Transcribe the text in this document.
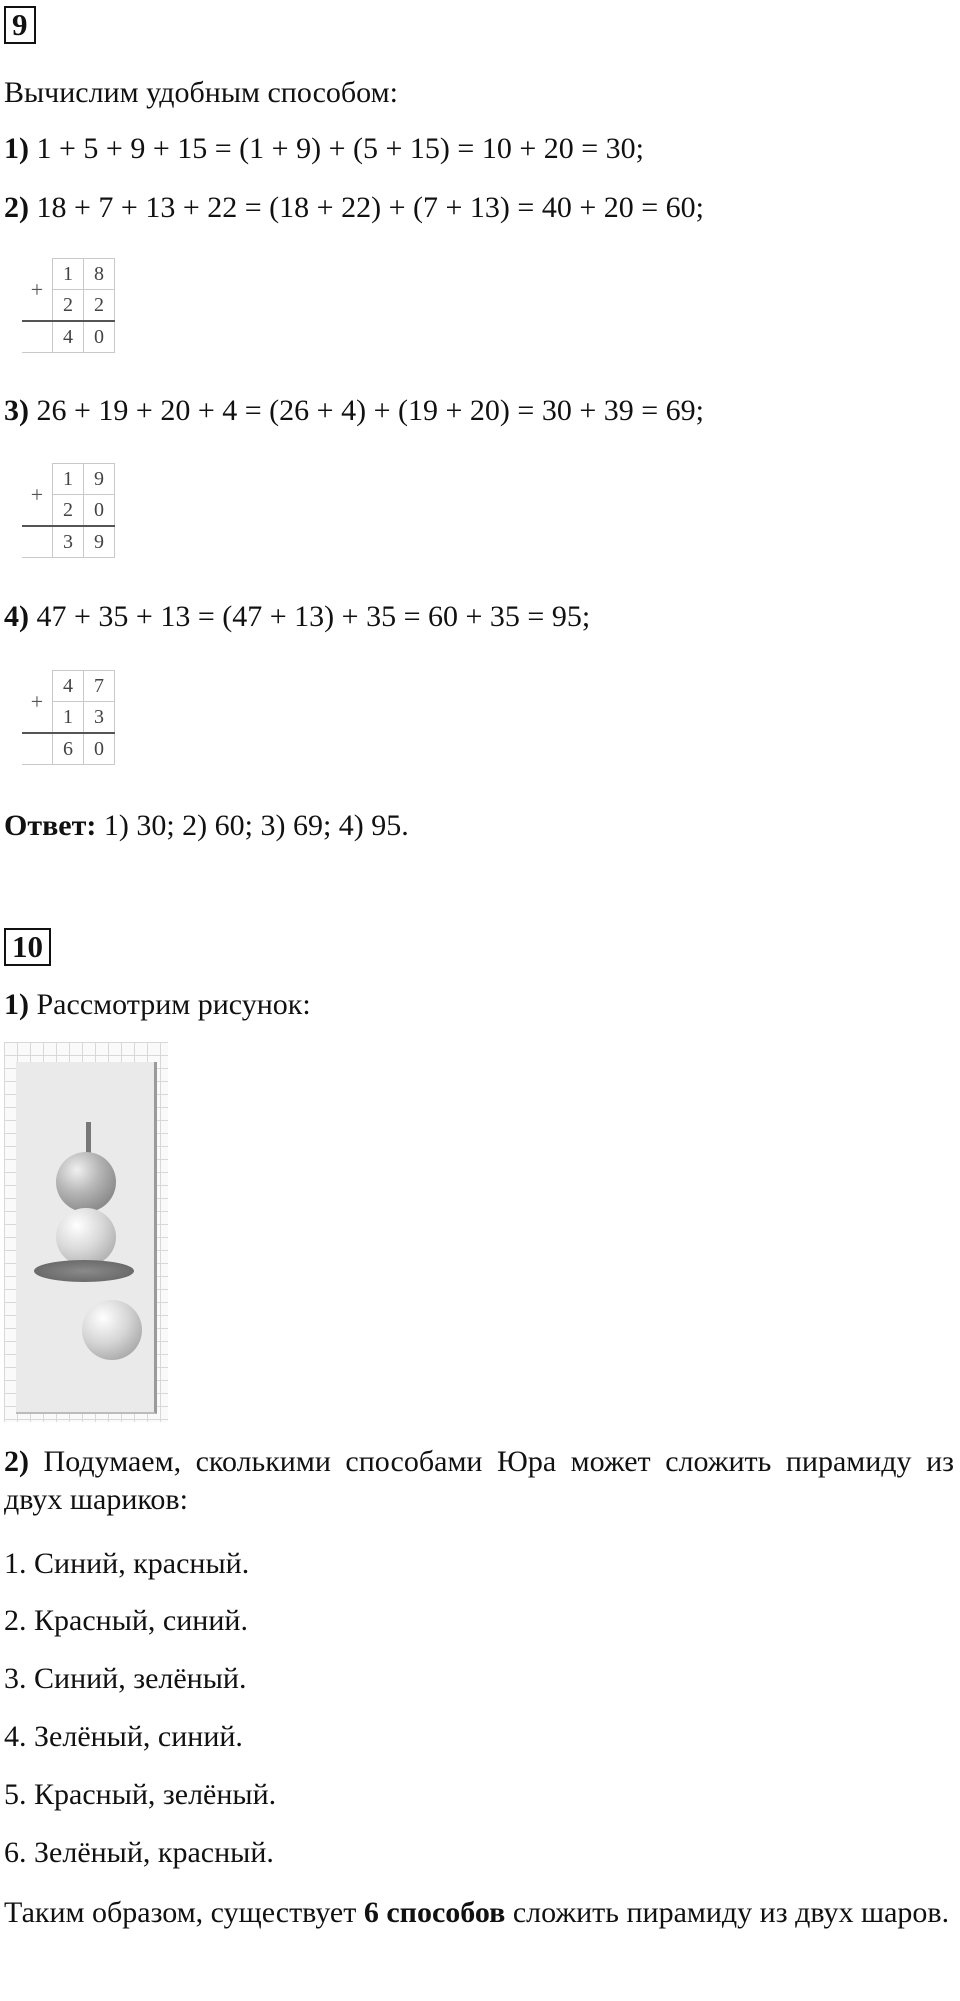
9

Вычислим удобным способом:

1) 1 + 5 + 9 + 15 = (1 + 9) + (5 + 15) = 10 + 20 = 30;

2) 18 + 7 + 13 + 22 = (18 + 22) + (7 + 13) = 40 + 20 = 60;

+	1	8
	2	2
	4	0

3) 26 + 19 + 20 + 4 = (26 + 4) + (19 + 20) = 30 + 39 = 69;

+	1	9
	2	0
	3	9

4) 47 + 35 + 13 = (47 + 13) + 35 = 60 + 35 = 95;

+	4	7
	1	3
	6	0

Ответ: 1) 30; 2) 60; 3) 69; 4) 95.

10

1) Рассмотрим рисунок:

2) Подумаем, сколькими способами Юра может сложить пирамиду из двух шариков:

1. Синий, красный.

2. Красный, синий.

3. Синий, зелёный.

4. Зелёный, синий.

5. Красный, зелёный.

6. Зелёный, красный.

Таким образом, существует 6 способов сложить пирамиду из двух шаров.
